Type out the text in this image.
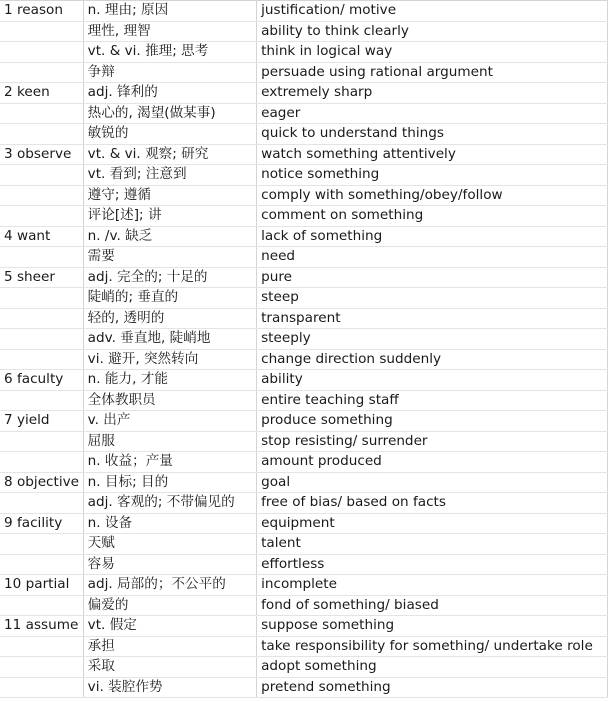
1 reason	n. 理由; 原因	justification/ motive
	理性, 理智	ability to think clearly
	vt. & vi. 推理; 思考	think in logical way
	争辩	persuade using rational argument
2 keen	adj. 锋利的	extremely sharp
	热心的, 渴望(做某事)	eager
	敏锐的	quick to understand things
3 observe	vt. & vi. 观察; 研究	watch something attentively
	vt. 看到; 注意到	notice something
	遵守; 遵循	comply with something/obey/follow
	评论[述]; 讲	comment on something
4 want	n. /v. 缺乏	lack of something
	需要	need
5 sheer	adj. 完全的; 十足的	pure
	陡峭的; 垂直的	steep
	轻的, 透明的	transparent
	adv. 垂直地, 陡峭地	steeply
	vi. 避开, 突然转向	change direction suddenly
6 faculty	n. 能力, 才能	ability
	全体教职员	entire teaching staff
7 yield	v. 出产	produce something
	屈服	stop resisting/ surrender
	n. 收益；产量	amount produced
8 objective	n. 目标; 目的	goal
	adj. 客观的; 不带偏见的	free of bias/ based on facts
9 facility	n. 设备	equipment
	天赋	talent
	容易	effortless
10 partial	adj. 局部的；不公平的	incomplete
	偏爱的	fond of something/ biased
11 assume	vt. 假定	suppose something
	承担	take responsibility for something/ undertake role
	采取	adopt something
	vi. 装腔作势	pretend something
